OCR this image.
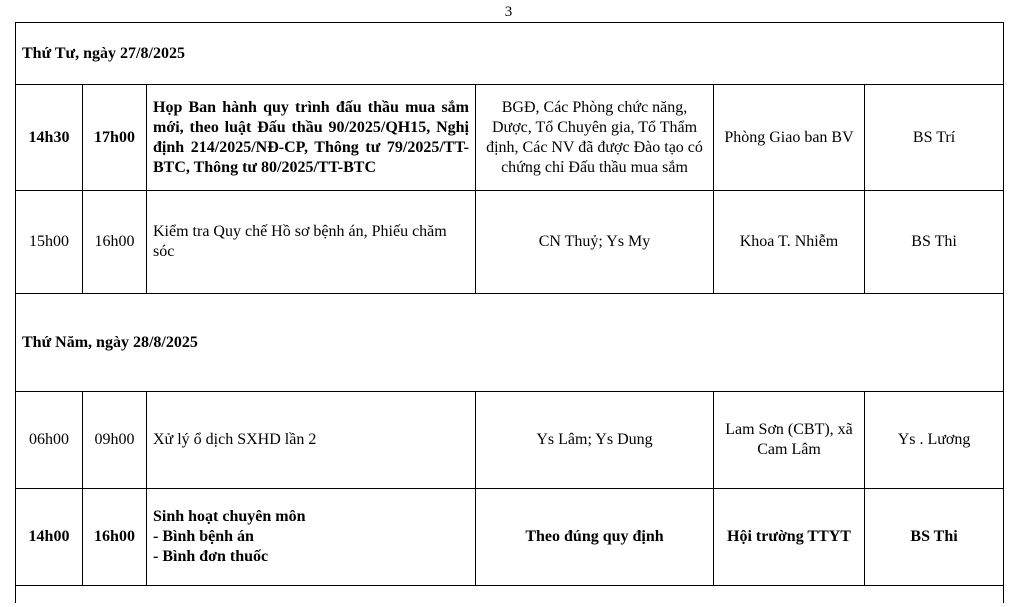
3
Thứ Tư, ngày 27/8/2025					
14h30	17h00	Họp Ban hành quy trình đấu thầu mua sắm mới, theo luật Đấu thầu 90/2025/QH15, Nghị định 214/2025/NĐ-CP, Thông tư 79/2025/TT-BTC, Thông tư 80/2025/TT-BTC	BGĐ, Các Phòng chức năng, Dược, Tổ Chuyên gia, Tổ Thẩm định, Các NV đã được Đào tạo có chứng chỉ Đấu thầu mua sắm	Phòng Giao ban BV	BS Trí
15h00	16h00	Kiểm tra Quy chế Hồ sơ bệnh án, Phiếu chăm sóc	CN Thuỷ; Ys My	Khoa T. Nhiễm	BS Thi
Thứ Năm, ngày 28/8/2025					
06h00	09h00	Xử lý ổ dịch SXHD lần 2	Ys Lâm; Ys Dung	Lam Sơn (CBT), xã Cam Lâm	Ys . Lương
14h00	16h00	Sinh hoạt chuyên môn
- Bình bệnh án
- Bình đơn thuốc	Theo đúng quy định	Hội trường TTYT	BS Thi
